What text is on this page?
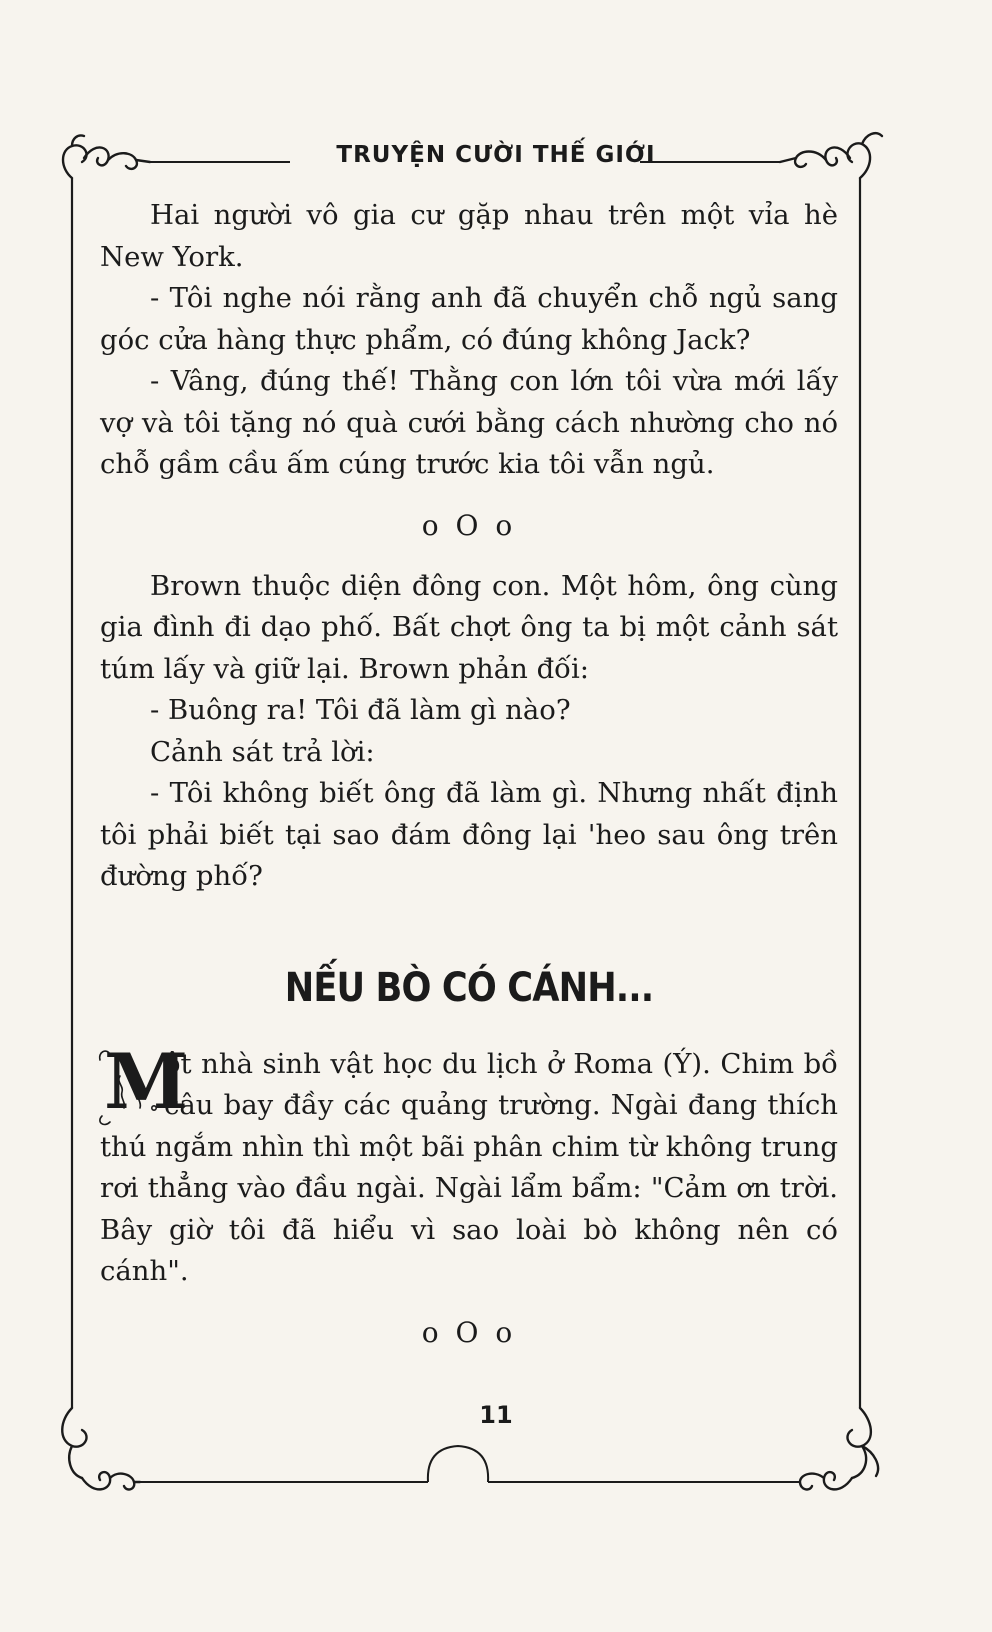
TRUYỆN CƯỜI THẾ GIỚI

Hai người vô gia cư gặp nhau trên một vỉa hè New York.

- Tôi nghe nói rằng anh đã chuyển chỗ ngủ sang góc cửa hàng thực phẩm, có đúng không Jack?

- Vâng, đúng thế! Thằng con lớn tôi vừa mới lấy vợ và tôi tặng nó quà cưới bằng cách nhường cho nó chỗ gầm cầu ấm cúng trước kia tôi vẫn ngủ.

o O o

Brown thuộc diện đông con. Một hôm, ông cùng gia đình đi dạo phố. Bất chợt ông ta bị một cảnh sát túm lấy và giữ lại. Brown phản đối:

- Buông ra! Tôi đã làm gì nào?

Cảnh sát trả lời:

- Tôi không biết ông đã làm gì. Nhưng nhất định tôi phải biết tại sao đám đông lại 'heo sau ông trên đường phố?

NẾU BÒ CÓ CÁNH...

M
ột nhà sinh vật học du lịch ở Roma (Ý). Chim bồ câu bay đầy các quảng trường. Ngài đang thích thú ngắm nhìn thì một bãi phân chim từ không trung rơi thẳng vào đầu ngài. Ngài lẩm bẩm: "Cảm ơn trời. Bây giờ tôi đã hiểu vì sao loài bò không nên có cánh".

o O o
11
